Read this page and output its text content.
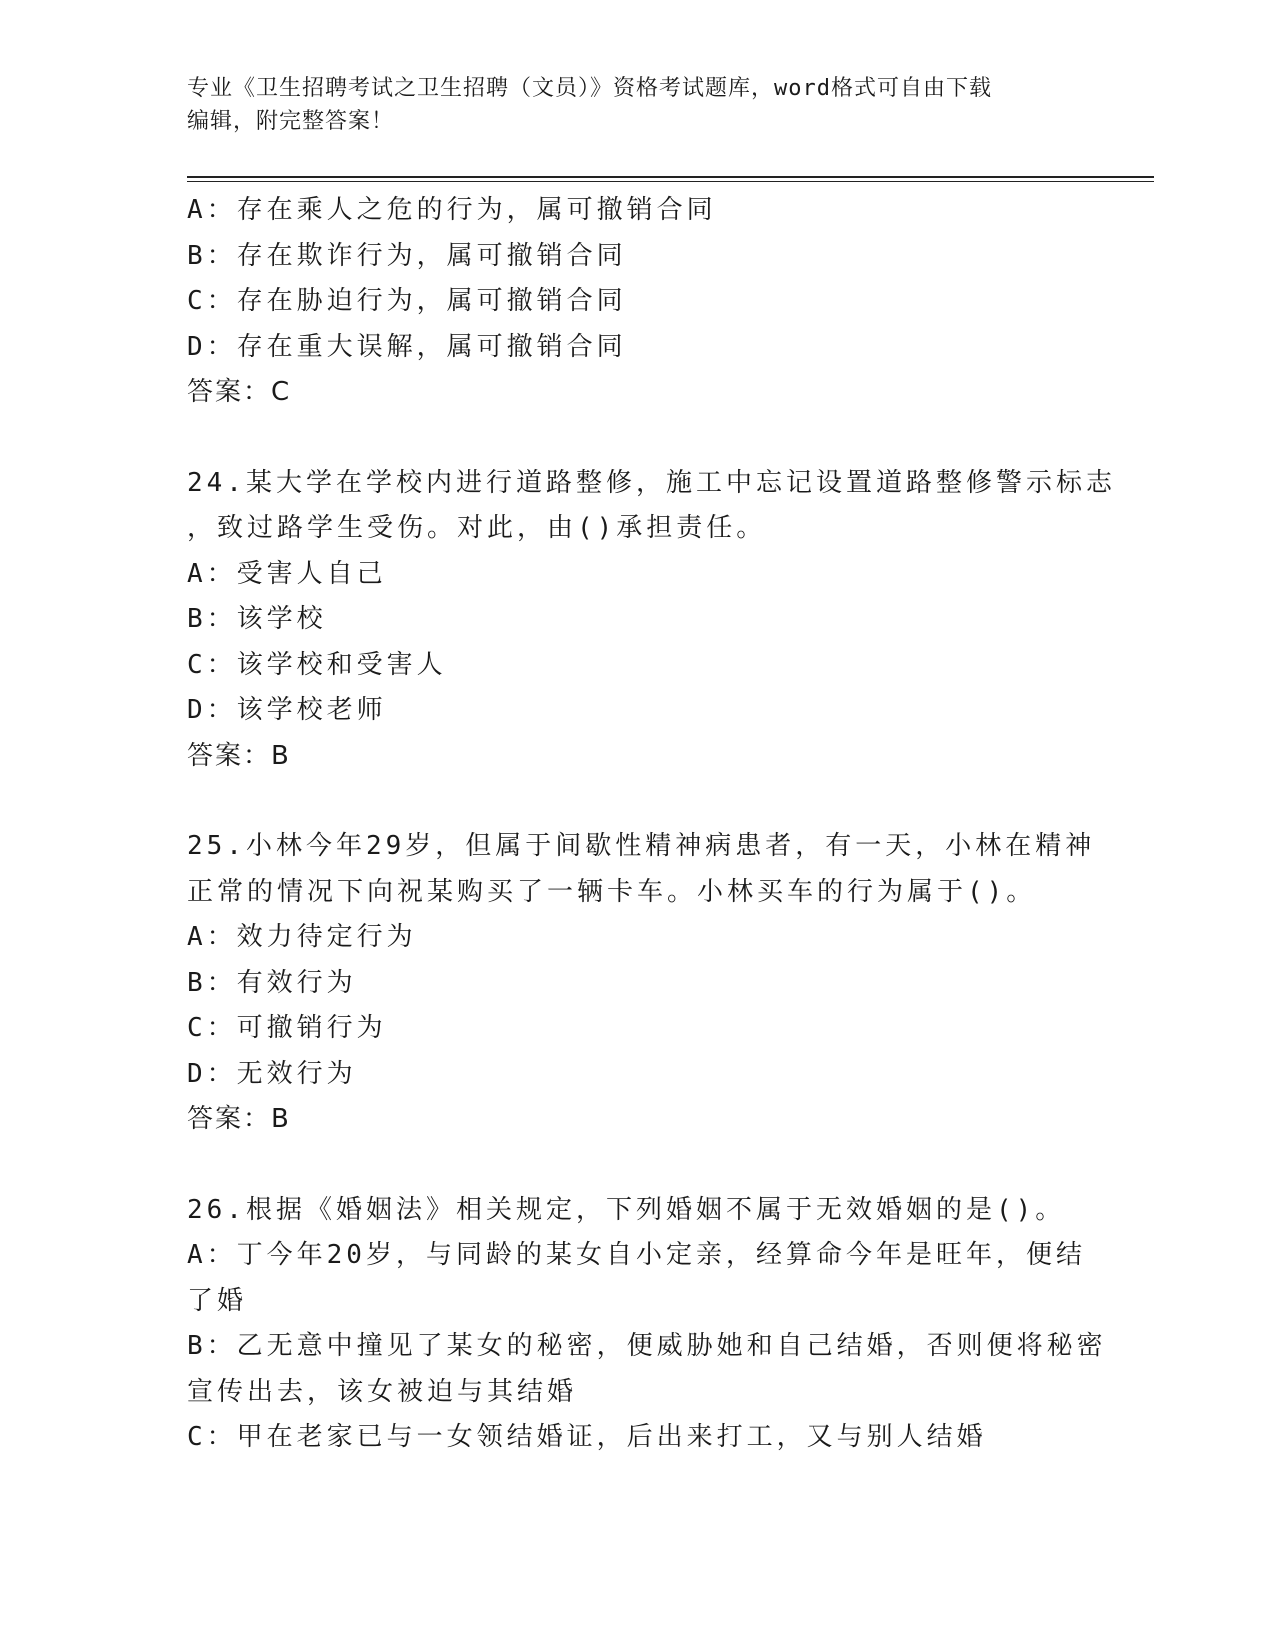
专业《卫生招聘考试之卫生招聘（文员）》资格考试题库，word格式可自由下载
编辑，附完整答案！
A：存在乘人之危的行为，属可撤销合同
B：存在欺诈行为，属可撤销合同
C：存在胁迫行为，属可撤销合同
D：存在重大误解，属可撤销合同
答案：C
24.某大学在学校内进行道路整修，施工中忘记设置道路整修警示标志
，致过路学生受伤。对此，由()承担责任。
A：受害人自己
B：该学校
C：该学校和受害人
D：该学校老师
答案：B
25.小林今年29岁，但属于间歇性精神病患者，有一天，小林在精神
正常的情况下向祝某购买了一辆卡车。小林买车的行为属于()。
A：效力待定行为
B：有效行为
C：可撤销行为
D：无效行为
答案：B
26.根据《婚姻法》相关规定，下列婚姻不属于无效婚姻的是()。
A：丁今年20岁，与同龄的某女自小定亲，经算命今年是旺年，便结
了婚
B：乙无意中撞见了某女的秘密，便威胁她和自己结婚，否则便将秘密
宣传出去，该女被迫与其结婚
C：甲在老家已与一女领结婚证，后出来打工，又与别人结婚
